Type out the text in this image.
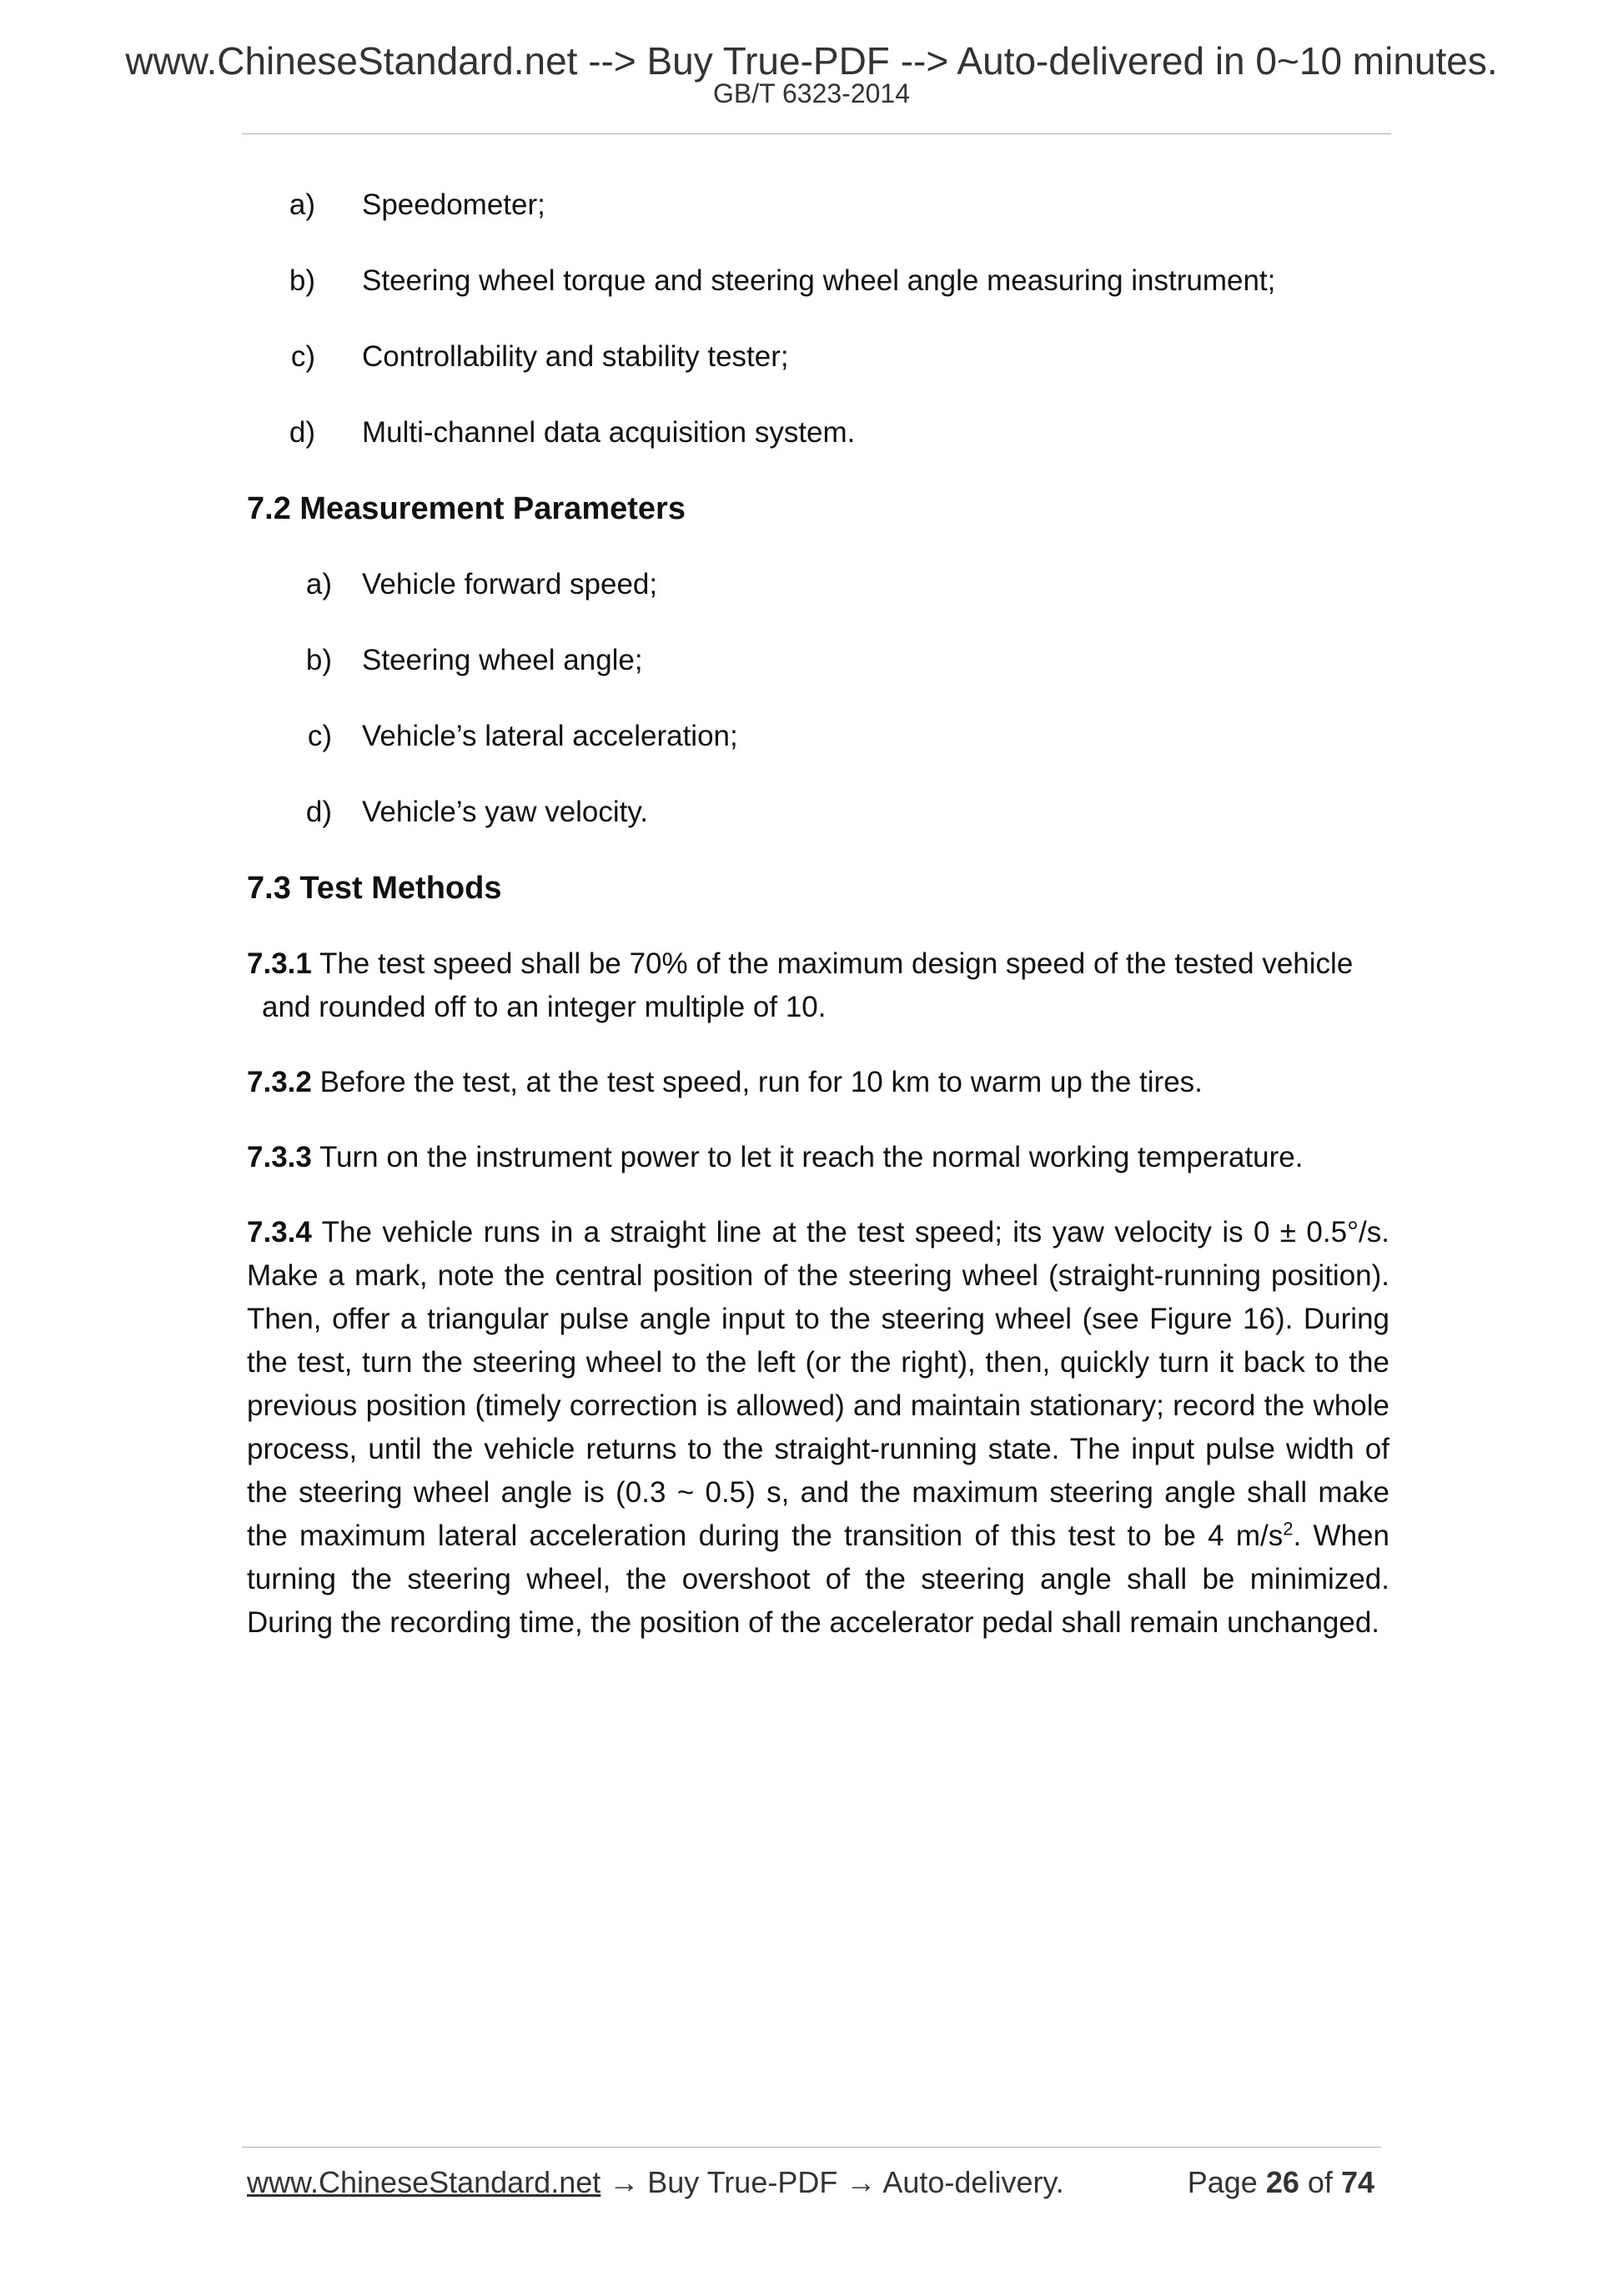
www.ChineseStandard.net --> Buy True-PDF --> Auto-delivered in 0~10 minutes.
GB/T 6323-2014
a) Speedometer;
b) Steering wheel torque and steering wheel angle measuring instrument;
c) Controllability and stability tester;
d) Multi-channel data acquisition system.
7.2 Measurement Parameters
a) Vehicle forward speed;
b) Steering wheel angle;
c) Vehicle’s lateral acceleration;
d) Vehicle’s yaw velocity.
7.3 Test Methods
7.3.1 The test speed shall be 70% of the maximum design speed of the tested vehicle
and rounded off to an integer multiple of 10.
7.3.2 Before the test, at the test speed, run for 10 km to warm up the tires.
7.3.3 Turn on the instrument power to let it reach the normal working temperature.
7.3.4 The vehicle runs in a straight line at the test speed; its yaw velocity is 0 ± 0.5°/s. Make a mark, note the central position of the steering wheel (straight-running position). Then, offer a triangular pulse angle input to the steering wheel (see Figure 16). During the test, turn the steering wheel to the left (or the right), then, quickly turn it back to the previous position (timely correction is allowed) and maintain stationary; record the whole process, until the vehicle returns to the straight-running state. The input pulse width of the steering wheel angle is (0.3 ~ 0.5) s, and the maximum steering angle shall make the maximum lateral acceleration during the transition of this test to be 4 $m/s^2$. When turning the steering wheel, the overshoot of the steering angle shall be minimized. During the recording time, the position of the accelerator pedal shall remain unchanged.
www.ChineseStandard.net → Buy True-PDF → Auto-delivery.	Page 26 of 74
